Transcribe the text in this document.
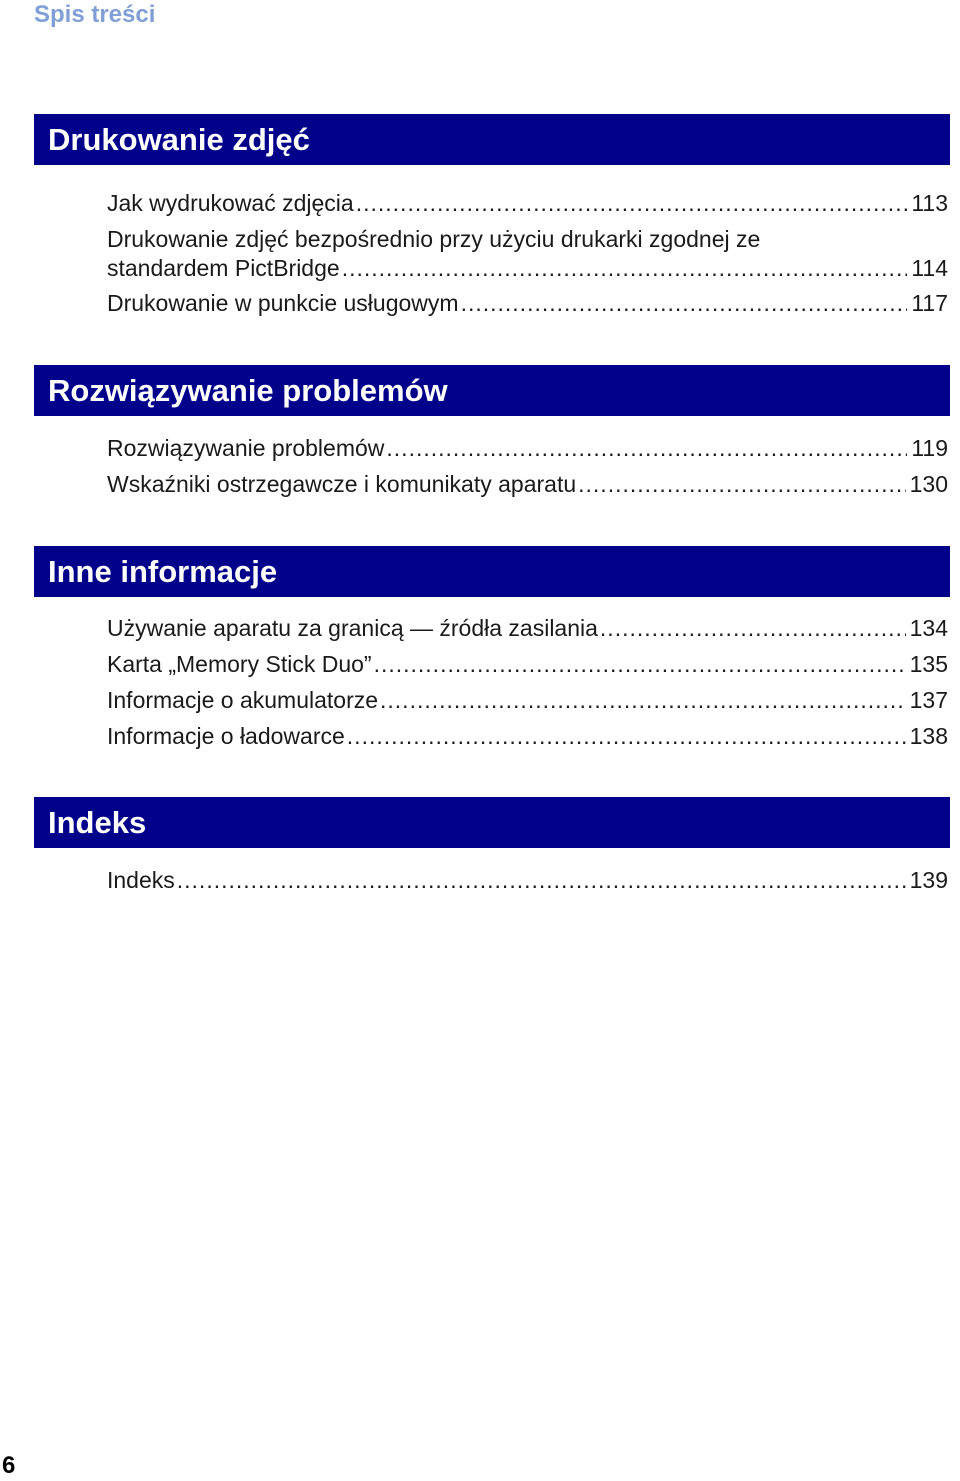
Spis treści
Drukowanie zdjęć
Jak wydrukować zdjęcia .....	113
Drukowanie zdjęć bezpośrednio przy użyciu drukarki zgodnej ze
standardem PictBridge .....	114
Drukowanie w punkcie usługowym .....	117
Rozwiązywanie problemów
Rozwiązywanie problemów .....	119
Wskaźniki ostrzegawcze i komunikaty aparatu .....	130
Inne informacje
Używanie aparatu za granicą — źródła zasilania .....	134
Karta „Memory Stick Duo” .....	135
Informacje o akumulatorze .....	137
Informacje o ładowarce .....	138
Indeks
Indeks .....	139
6
